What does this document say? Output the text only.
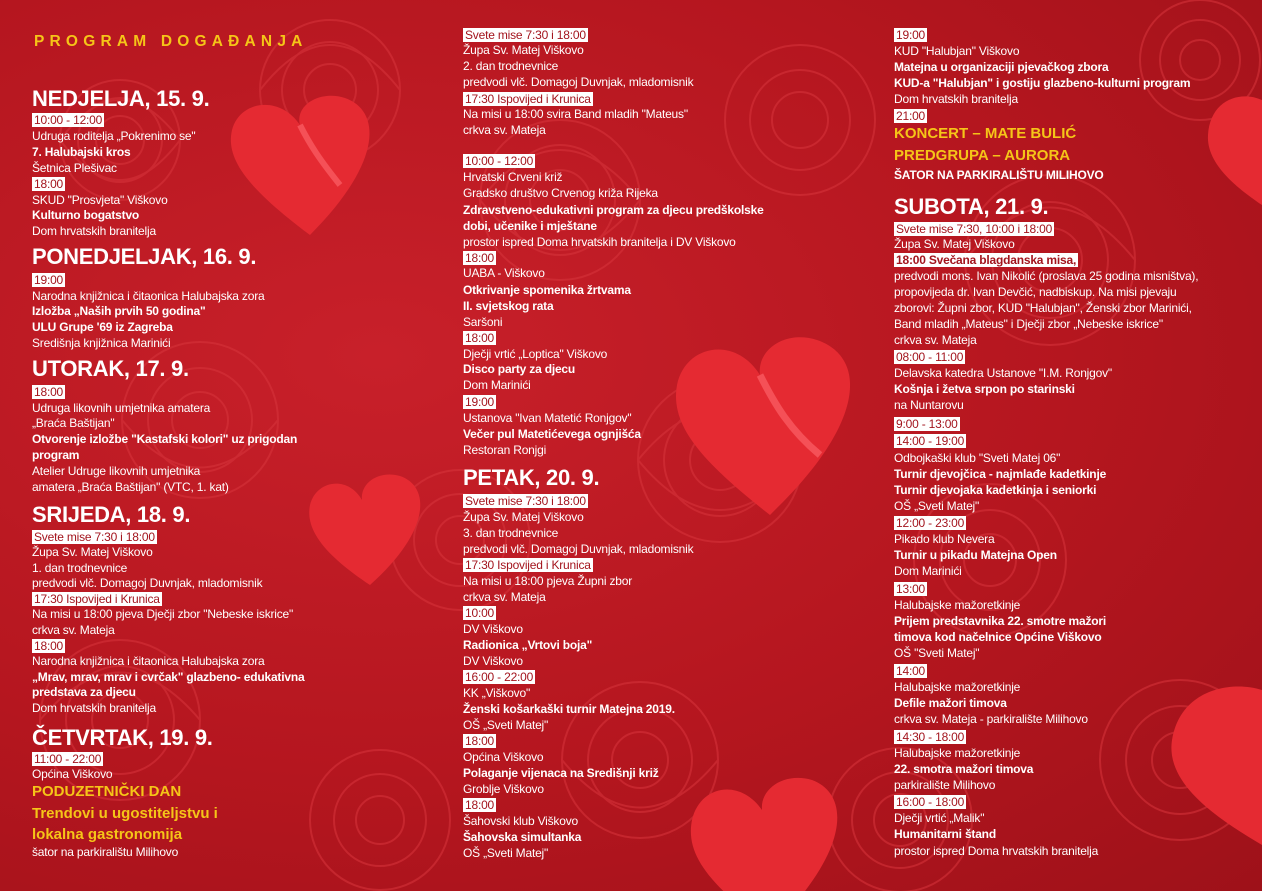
PROGRAM DOGAĐANJA
NEDJELJA, 15. 9.
10:00 - 12:00
Udruga roditelja „Pokrenimo se"
7. Halubajski kros
Šetnica Plešivac
18:00
SKUD "Prosvjeta" Viškovo
Kulturno bogatstvo
Dom hrvatskih branitelja
PONEDJELJAK, 16. 9.
19:00
Narodna knjižnica i čitaonica Halubajska zora
Izložba „Naših prvih 50 godina"
ULU Grupe '69 iz Zagreba
Središnja knjižnica Marinići
UTORAK, 17. 9.
18:00
Udruga likovnih umjetnika amatera
„Braća Baštijan"
Otvorenje izložbe "Kastafski kolori" uz prigodan
program
Atelier Udruge likovnih umjetnika
amatera „Braća Baštijan" (VTC, 1. kat)
SRIJEDA, 18. 9.
Svete mise 7:30 i 18:00
Župa Sv. Matej Viškovo
1. dan trodnevnice
predvodi vlč. Domagoj Duvnjak, mladomisnik
17:30 Ispovijed i Krunica
Na misi u 18:00 pjeva Dječji zbor "Nebeske iskrice"
crkva sv. Mateja
18:00
Narodna knjižnica i čitaonica Halubajska zora
„Mrav, mrav, mrav i cvrčak" glazbeno- edukativna
predstava za djecu
Dom hrvatskih branitelja
ČETVRTAK, 19. 9.
11:00 - 22:00
Općina Viškovo
PODUZETNIČKI DAN
Trendovi u ugostiteljstvu i
lokalna gastronomija
šator na parkiralištu Milihovo
Svete mise 7:30 i 18:00
Župa Sv. Matej Viškovo
2. dan trodnevnice
predvodi vlč. Domagoj Duvnjak, mladomisnik
17:30 Ispovijed i Krunica
Na misi u 18:00 svira Band mladih "Mateus"
crkva sv. Mateja
10:00 - 12:00
Hrvatski Crveni križ
Gradsko društvo Crvenog križa Rijeka
Zdravstveno-edukativni program za djecu predškolske
dobi, učenike i mještane
prostor ispred Doma hrvatskih branitelja i DV Viškovo
18:00
UABA - Viškovo
Otkrivanje spomenika žrtvama
II. svjetskog rata
Saršoni
18:00
Dječji vrtić „Loptica" Viškovo
Disco party za djecu
Dom Marinići
19:00
Ustanova "Ivan Matetić Ronjgov"
Večer pul Matetićevega ognjišća
Restoran Ronjgi
PETAK, 20. 9.
Svete mise 7:30 i 18:00
Župa Sv. Matej Viškovo
3. dan trodnevnice
predvodi vlč. Domagoj Duvnjak, mladomisnik
17:30 Ispovijed i Krunica
Na misi u 18:00 pjeva Župni zbor
crkva sv. Mateja
10:00
DV Viškovo
Radionica „Vrtovi boja"
DV Viškovo
16:00 - 22:00
KK „Viškovo"
Ženski košarkaški turnir Matejna 2019.
OŠ „Sveti Matej"
18:00
Općina Viškovo
Polaganje vijenaca na Središnji križ
Groblje Viškovo
18:00
Šahovski klub Viškovo
Šahovska simultanka
OŠ „Sveti Matej"
19:00
KUD "Halubjan" Viškovo
Matejna u organizaciji pjevačkog zbora
KUD-a "Halubjan" i gostiju glazbeno-kulturni program
Dom hrvatskih branitelja
21:00
KONCERT – MATE BULIĆ
PREDGRUPA – AURORA
ŠATOR NA PARKIRALIŠTU MILIHOVO
SUBOTA, 21. 9.
Svete mise 7:30, 10:00 i 18:00
Župa Sv. Matej Viškovo
18:00 Svečana blagdanska misa,
predvodi mons. Ivan Nikolić (proslava 25 godina misništva),
propovijeda dr. Ivan Devčić, nadbiskup. Na misi pjevaju
zborovi: Župni zbor, KUD "Halubjan", Ženski zbor Marinići,
Band mladih „Mateus" i Dječji zbor „Nebeske iskrice"
crkva sv. Mateja
08:00 - 11:00
Delavska katedra Ustanove "I.M. Ronjgov"
Košnja i žetva srpon po starinski
na Nuntarovu
9:00 - 13:00
14:00 - 19:00
Odbojkaški klub "Sveti Matej 06"
Turnir djevojčica - najmlađe kadetkinje
Turnir djevojaka kadetkinja i seniorki
OŠ „Sveti Matej"
12:00 - 23:00
Pikado klub Nevera
Turnir u pikadu Matejna Open
Dom Marinići
13:00
Halubajske mažoretkinje
Prijem predstavnika 22. smotre mažori
timova kod načelnice Općine Viškovo
OŠ "Sveti Matej"
14:00
Halubajske mažoretkinje
Defile mažori timova
crkva sv. Mateja - parkiralište Milihovo
14:30 - 18:00
Halubajske mažoretkinje
22. smotra mažori timova
parkiralište Milihovo
16:00 - 18:00
Dječji vrtić „Malik"
Humanitarni štand
prostor ispred Doma hrvatskih branitelja
